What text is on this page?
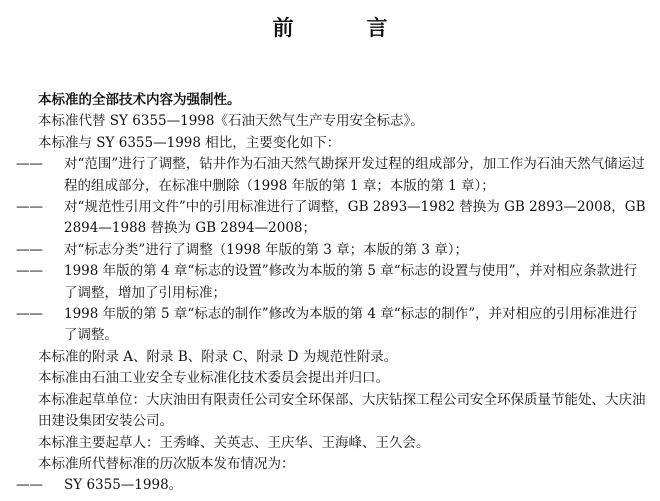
前　言

本标准的全部技术内容为强制性。

本标准代替 SY 6355—1998《石油天然气生产专用安全标志》。

本标准与 SY 6355—1998 相比，主要变化如下：

——	对“范围”进行了调整，钻井作为石油天然气勘探开发过程的组成部分，加工作为石油天然气储运过程的组成部分，在标准中删除（1998 年版的第 1 章；本版的第 1 章）；
——	对“规范性引用文件”中的引用标准进行了调整，GB 2893—1982 替换为 GB 2893—2008，GB 2894—1988 替换为 GB 2894—2008；
——	对“标志分类”进行了调整（1998 年版的第 3 章；本版的第 3 章）；
——	1998 年版的第 4 章“标志的设置”修改为本版的第 5 章“标志的设置与使用”，并对相应条款进行了调整，增加了引用标准；
——	1998 年版的第 5 章“标志的制作”修改为本版的第 4 章“标志的制作”，并对相应的引用标准进行了调整。

本标准的附录 A、附录 B、附录 C、附录 D 为规范性附录。

本标准由石油工业安全专业标准化技术委员会提出并归口。

本标准起草单位：大庆油田有限责任公司安全环保部、大庆钻探工程公司安全环保质量节能处、大庆油田建设集团安装公司。

本标准主要起草人：王秀峰、关英志、王庆华、王海峰、王久会。

本标准所代替标准的历次版本发布情况为：

——	SY 6355—1998。
